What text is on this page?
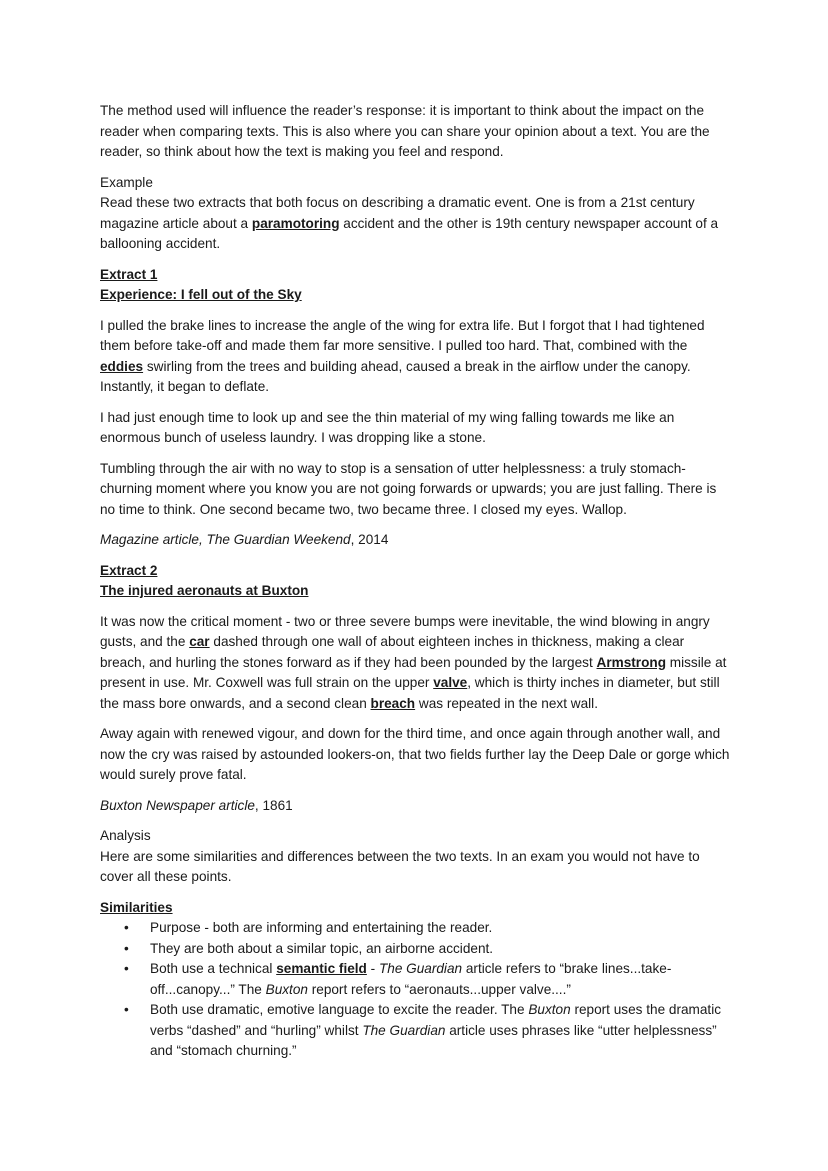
The method used will influence the reader’s response: it is important to think about the impact on the reader when comparing texts. This is also where you can share your opinion about a text. You are the reader, so think about how the text is making you feel and respond.

Example

Read these two extracts that both focus on describing a dramatic event. One is from a 21st century magazine article about a paramotoring accident and the other is 19th century newspaper account of a ballooning accident.

Extract 1

Experience: I fell out of the Sky

I pulled the brake lines to increase the angle of the wing for extra life. But I forgot that I had tightened them before take-off and made them far more sensitive. I pulled too hard. That, combined with the eddies swirling from the trees and building ahead, caused a break in the airflow under the canopy. Instantly, it began to deflate.

I had just enough time to look up and see the thin material of my wing falling towards me like an enormous bunch of useless laundry. I was dropping like a stone.

Tumbling through the air with no way to stop is a sensation of utter helplessness: a truly stomach-churning moment where you know you are not going forwards or upwards; you are just falling. There is no time to think. One second became two, two became three. I closed my eyes. Wallop.

Magazine article, The Guardian Weekend, 2014

Extract 2

The injured aeronauts at Buxton

It was now the critical moment - two or three severe bumps were inevitable, the wind blowing in angry gusts, and the car dashed through one wall of about eighteen inches in thickness, making a clear breach, and hurling the stones forward as if they had been pounded by the largest Armstrong missile at present in use. Mr. Coxwell was full strain on the upper valve, which is thirty inches in diameter, but still the mass bore onwards, and a second clean breach was repeated in the next wall.

Away again with renewed vigour, and down for the third time, and once again through another wall, and now the cry was raised by astounded lookers-on, that two fields further lay the Deep Dale or gorge which would surely prove fatal.

Buxton Newspaper article, 1861

Analysis

Here are some similarities and differences between the two texts. In an exam you would not have to cover all these points.

Similarities

• Purpose - both are informing and entertaining the reader.
• They are both about a similar topic, an airborne accident.
• Both use a technical semantic field - The Guardian article refers to “brake lines...take-off...canopy...” The Buxton report refers to “aeronauts...upper valve....”
• Both use dramatic, emotive language to excite the reader. The Buxton report uses the dramatic verbs “dashed” and “hurling” whilst The Guardian article uses phrases like “utter helplessness” and “stomach churning.”
